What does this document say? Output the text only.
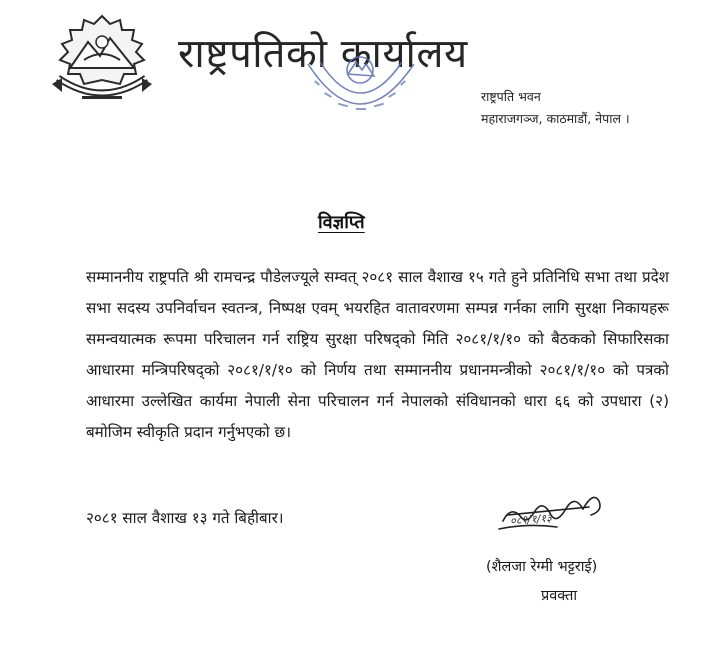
राष्ट्रपतिको कार्यालय
राष्ट्रपति भवन
महाराजगञ्ज, काठमाडौं, नेपाल ।
विज्ञप्ति
सम्माननीय राष्ट्रपति श्री रामचन्द्र पौडेलज्यूले सम्वत् २०८१ साल वैशाख १५ गते हुने प्रतिनिधि सभा तथा प्रदेश सभा सदस्य उपनिर्वाचन स्वतन्त्र, निष्पक्ष एवम् भयरहित वातावरणमा सम्पन्न गर्नका लागि सुरक्षा निकायहरू समन्वयात्मक रूपमा परिचालन गर्न राष्ट्रिय सुरक्षा परिषद्को मिति २०८१/१/१० को बैठकको सिफारिसका आधारमा मन्त्रिपरिषद्को २०८१/१/१० को निर्णय तथा सम्माननीय प्रधानमन्त्रीको २०८१/१/१० को पत्रको आधारमा उल्लेखित कार्यमा नेपाली सेना परिचालन गर्न नेपालको संविधानको धारा ६६ को उपधारा (२) बमोजिम स्वीकृति प्रदान गर्नुभएको छ।
२०८१ साल वैशाख १३ गते बिहीबार।	०८१/१/१३
(शैलजा रेग्मी भट्टराई)
प्रवक्ता
